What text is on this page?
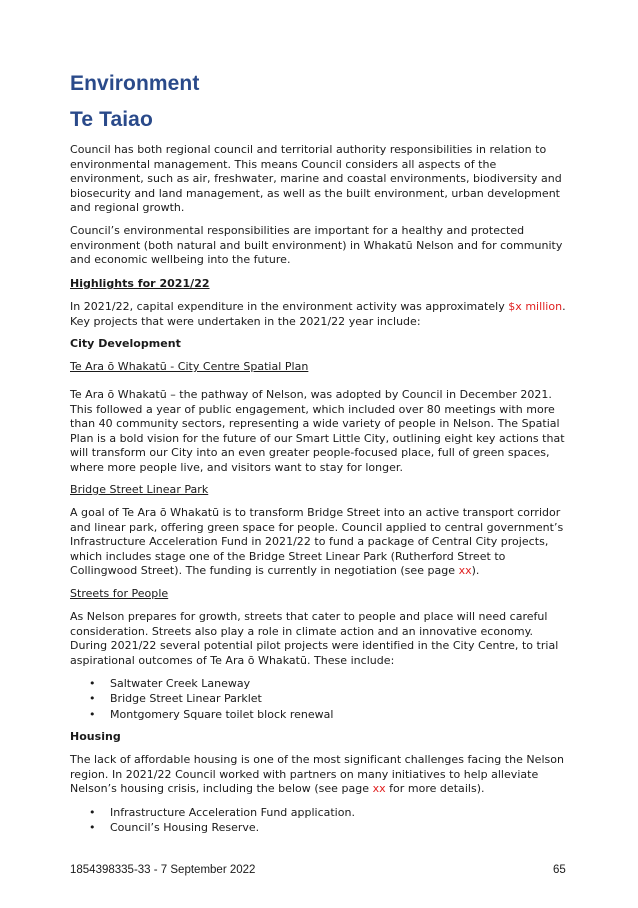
Environment
Te Taiao

Council has both regional council and territorial authority responsibilities in relation to environmental management. This means Council considers all aspects of the environment, such as air, freshwater, marine and coastal environments, biodiversity and biosecurity and land management, as well as the built environment, urban development and regional growth.

Council’s environmental responsibilities are important for a healthy and protected environment (both natural and built environment) in Whakatū Nelson and for community and economic wellbeing into the future.

Highlights for 2021/22

In 2021/22, capital expenditure in the environment activity was approximately $x million. Key projects that were undertaken in the 2021/22 year include:

City Development

Te Ara ō Whakatū - City Centre Spatial Plan

Te Ara ō Whakatū – the pathway of Nelson, was adopted by Council in December 2021. This followed a year of public engagement, which included over 80 meetings with more than 40 community sectors, representing a wide variety of people in Nelson. The Spatial Plan is a bold vision for the future of our Smart Little City, outlining eight key actions that will transform our City into an even greater people-focused place, full of green spaces, where more people live, and visitors want to stay for longer.

Bridge Street Linear Park

A goal of Te Ara ō Whakatū is to transform Bridge Street into an active transport corridor and linear park, offering green space for people. Council applied to central government’s Infrastructure Acceleration Fund in 2021/22 to fund a package of Central City projects, which includes stage one of the Bridge Street Linear Park (Rutherford Street to Collingwood Street). The funding is currently in negotiation (see page xx).

Streets for People

As Nelson prepares for growth, streets that cater to people and place will need careful consideration. Streets also play a role in climate action and an innovative economy. During 2021/22 several potential pilot projects were identified in the City Centre, to trial aspirational outcomes of Te Ara ō Whakatū. These include:

• Saltwater Creek Laneway
• Bridge Street Linear Parklet
• Montgomery Square toilet block renewal

Housing

The lack of affordable housing is one of the most significant challenges facing the Nelson region. In 2021/22 Council worked with partners on many initiatives to help alleviate Nelson’s housing crisis, including the below (see page xx for more details).

• Infrastructure Acceleration Fund application.
• Council’s Housing Reserve.
1854398335-33 - 7 September 2022	65
